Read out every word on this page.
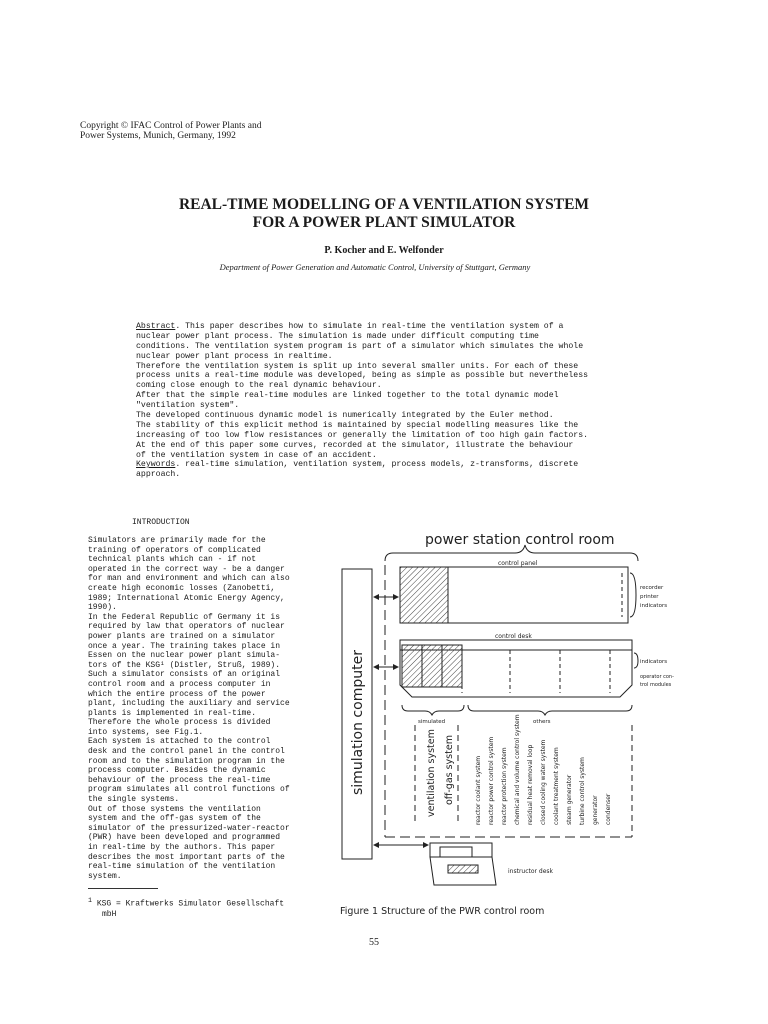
Copyright © IFAC Control of Power Plants and
Power Systems, Munich, Germany, 1992
REAL-TIME MODELLING OF A VENTILATION SYSTEM
FOR A POWER PLANT SIMULATOR
P. Kocher and E. Welfonder
Department of Power Generation and Automatic Control, University of Stuttgart, Germany
Abstract. This paper describes how to simulate in real-time the ventilation system of a
nuclear power plant process. The simulation is made under difficult computing time
conditions. The ventilation system program is part of a simulator which simulates the whole
nuclear power plant process in realtime.
Therefore the ventilation system is split up into several smaller units. For each of these
process units a real-time module was developed, being as simple as possible but nevertheless
coming close enough to the real dynamic behaviour.
After that the simple real-time modules are linked together to the total dynamic model
"ventilation system".
The developed continuous dynamic model is numerically integrated by the Euler method.
The stability of this explicit method is maintained by special modelling measures like the
increasing of too low flow resistances or generally the limitation of too high gain factors.
At the end of this paper some curves, recorded at the simulator, illustrate the behaviour
of the ventilation system in case of an accident.
Keywords. real-time simulation, ventilation system, process models, z-transforms, discrete
approach.
INTRODUCTION
Simulators are primarily made for the
training of operators of complicated
technical plants which can - if not
operated in the correct way - be a danger
for man and environment and which can also
create high economic losses (Zanobetti,
1989; International Atomic Energy Agency,
1990).
In the Federal Republic of Germany it is
required by law that operators of nuclear
power plants are trained on a simulator
once a year. The training takes place in
Essen on the nuclear power plant simula-
tors of the KSG¹ (Distler, Struß, 1989).
Such a simulator consists of an original
control room and a process computer in
which the entire process of the power
plant, including the auxiliary and service
plants is implemented in real-time.
Therefore the whole process is divided
into systems, see Fig.1.
Each system is attached to the control
desk and the control panel in the control
room and to the simulation program in the
process computer. Besides the dynamic
behaviour of the process the real-time
program simulates all control functions of
the single systems.
Out of those systems the ventilation
system and the off-gas system of the
simulator of the pressurized-water-reactor
(PWR) have been developed and programmed
in real-time by the authors. This paper
describes the most important parts of the
real-time simulation of the ventilation
system.
$^1$ KSG = Kraftwerks Simulator Gesellschaft
mbH
55
power station control room
control panel
recorder
printer
indicators
control desk
indicators
operator con-
trol modules
simulated	others
simulation computer	ventilation system off-gas system	reactor coolant system reactor power control system reactor protection system chemical and volume control system residual heat removal loop closed cooling water system coolant treatment system steam generator turbine control system generator condenser
instructor desk
Figure 1 Structure of the PWR control room
